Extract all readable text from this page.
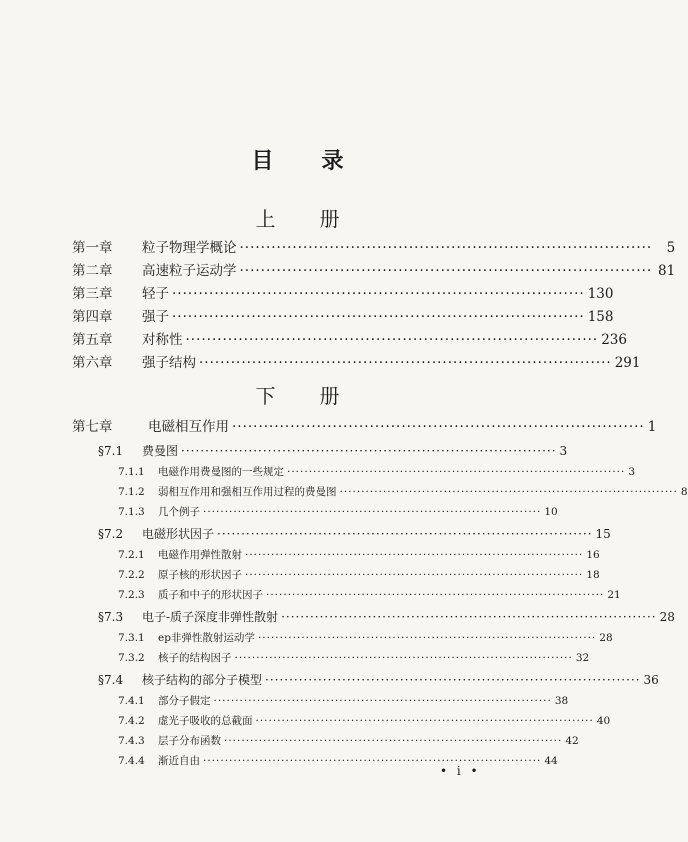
目录
上册
第一章	粒子物理学概论 ··············································································	5
第二章	高速粒子运动学 ·············································································· 81
第三章	轻子 ·············································································· 130
第四章	强子 ·············································································· 158
第五章	对称性 ·············································································· 236
第六章	强子结构 ·············································································· 291
下册
第七章	电磁相互作用 ·············································································· 1
§7.1	费曼图 ·············································································· 3
7.1.1	电磁作用费曼图的一些规定 ·············································································· 3
7.1.2	弱相互作用和强相互作用过程的费曼图 ·············································································· 8
7.1.3	几个例子 ·············································································· 10
§7.2	电磁形状因子 ·············································································· 15
7.2.1	电磁作用弹性散射 ·············································································· 16
7.2.2	原子核的形状因子 ·············································································· 18
7.2.3	质子和中子的形状因子 ·············································································· 21
§7.3	电子-质子深度非弹性散射 ·············································································· 28
7.3.1	ep非弹性散射运动学 ·············································································· 28
7.3.2	核子的结构因子 ·············································································· 32
§7.4	核子结构的部分子模型 ·············································································· 36
7.4.1	部分子假定 ·············································································· 38
7.4.2	虚光子吸收的总截面 ·············································································· 40
7.4.3	层子分布函数 ·············································································· 42
7.4.4	渐近自由 ·············································································· 44
• i •
